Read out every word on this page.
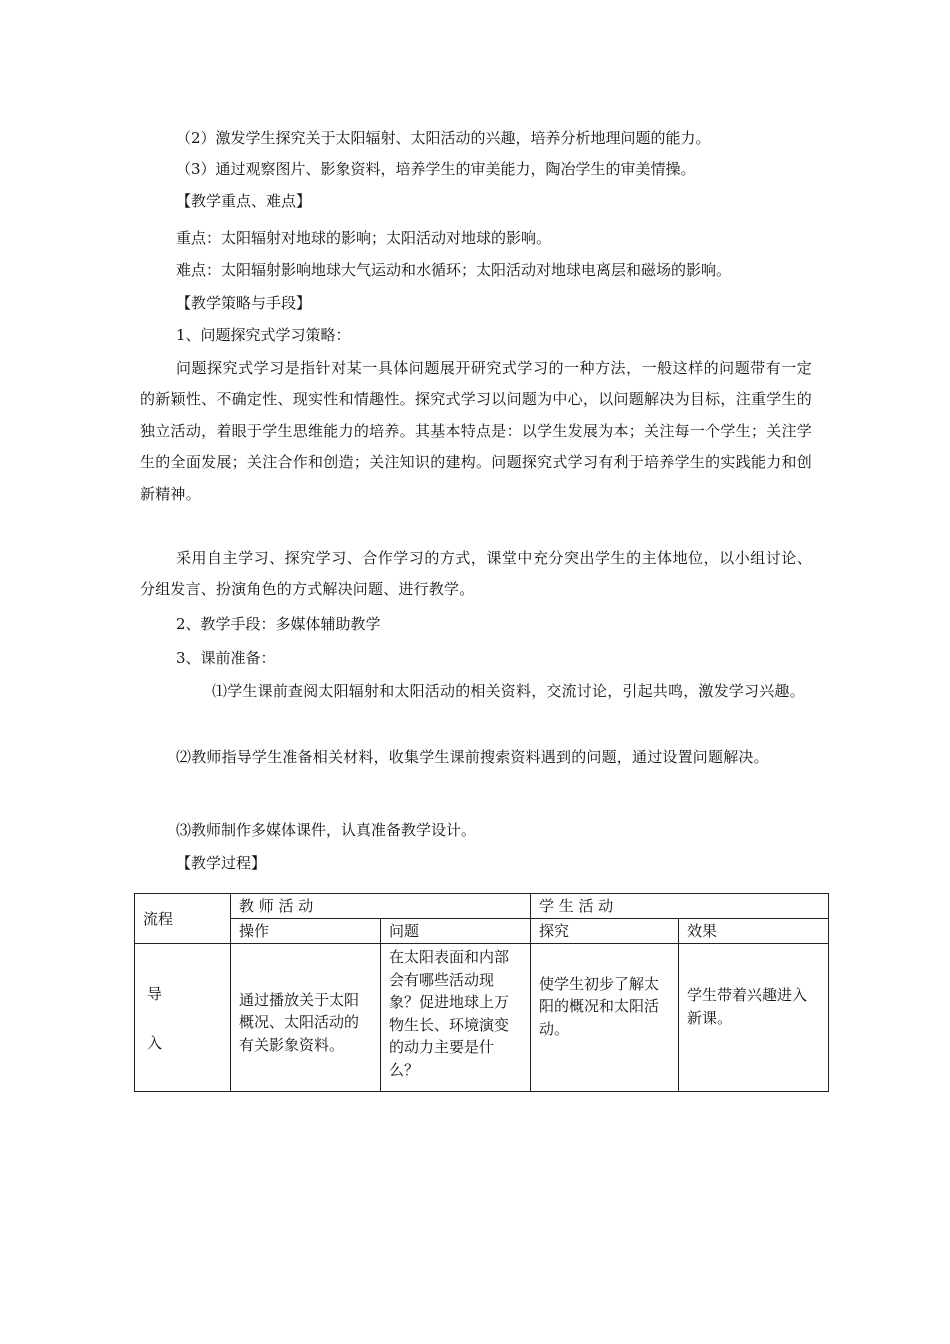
（2）激发学生探究关于太阳辐射、太阳活动的兴趣，培养分析地理问题的能力。
（3）通过观察图片、影象资料，培养学生的审美能力，陶冶学生的审美情操。
【教学重点、难点】
重点：太阳辐射对地球的影响；太阳活动对地球的影响。
难点：太阳辐射影响地球大气运动和水循环；太阳活动对地球电离层和磁场的影响。
【教学策略与手段】
1、问题探究式学习策略：
问题探究式学习是指针对某一具体问题展开研究式学习的一种方法，一般这样的问题带有一定的新颖性、不确定性、现实性和情趣性。探究式学习以问题为中心，以问题解决为目标，注重学生的独立活动，着眼于学生思维能力的培养。其基本特点是：以学生发展为本；关注每一个学生；关注学生的全面发展；关注合作和创造；关注知识的建构。问题探究式学习有利于培养学生的实践能力和创新精神。
采用自主学习、探究学习、合作学习的方式，课堂中充分突出学生的主体地位，以小组讨论、分组发言、扮演角色的方式解决问题、进行教学。
2、教学手段：多媒体辅助教学
3、课前准备：
⑴学生课前查阅太阳辐射和太阳活动的相关资料，交流讨论，引起共鸣，激发学习兴趣。
⑵教师指导学生准备相关材料，收集学生课前搜索资料遇到的问题，通过设置问题解决。
⑶教师制作多媒体课件，认真准备教学设计。
【教学过程】
流程	教 师 活 动		学 生 活 动	
	操作	问题	探究	效果

导
入	通过播放关于太阳概况、太阳活动的有关影象资料。	在太阳表面和内部会有哪些活动现象？促进地球上万物生长、环境演变的动力主要是什么？	使学生初步了解太阳的概况和太阳活动。	学生带着兴趣进入新课。
